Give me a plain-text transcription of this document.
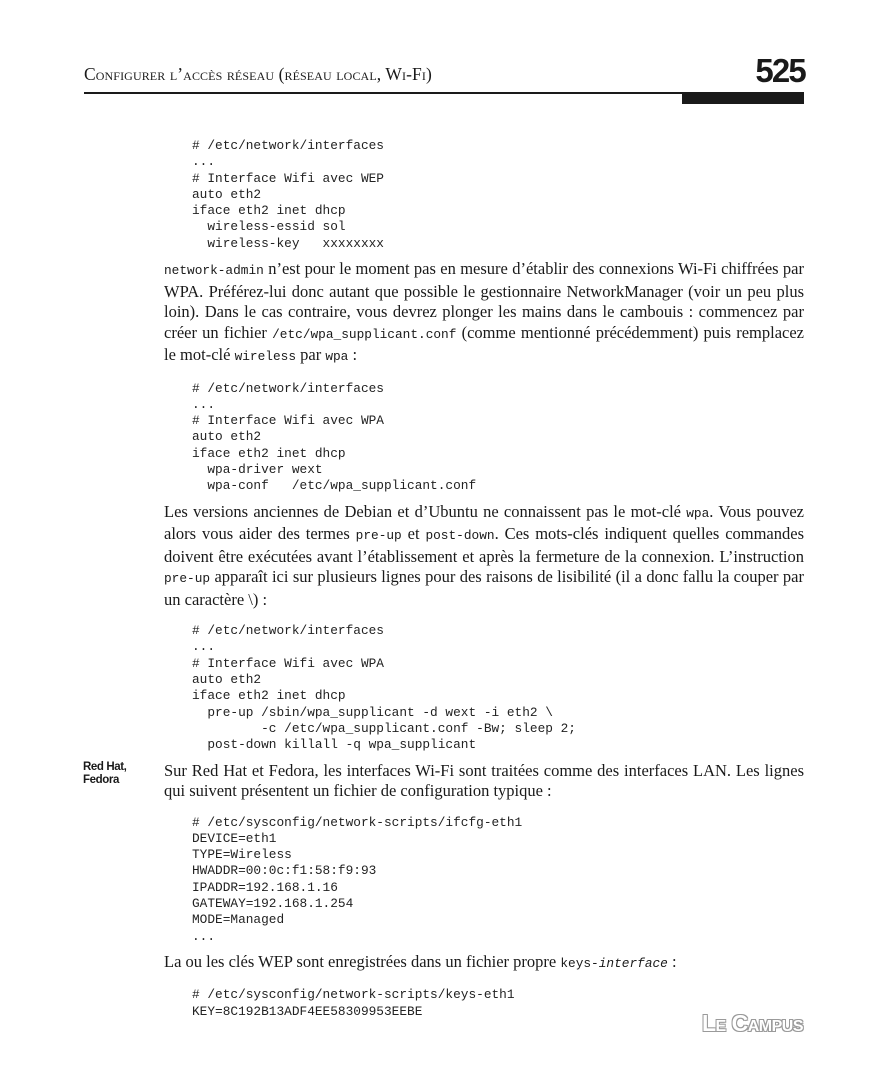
Configurer l’accès réseau (réseau local, Wi-Fi)	525
# /etc/network/interfaces
...
# Interface Wifi avec WEP
auto eth2
iface eth2 inet dhcp
wireless-essid sol
wireless-key   xxxxxxxx

network-admin n’est pour le moment pas en mesure d’établir des connexions Wi-Fi chiffrées par WPA. Préférez-lui donc autant que possible le gestionnaire NetworkManager (voir un peu plus loin). Dans le cas contraire, vous devrez plonger les mains dans le cambouis : commencez par créer un fichier /etc/wpa_supplicant.conf (comme mentionné précédemment) puis remplacez le mot-clé wireless par wpa :

# /etc/network/interfaces
...
# Interface Wifi avec WPA
auto eth2
iface eth2 inet dhcp
wpa-driver wext
wpa-conf   /etc/wpa_supplicant.conf

Les versions anciennes de Debian et d’Ubuntu ne connaissent pas le mot-clé wpa. Vous pouvez alors vous aider des termes pre-up et post-down. Ces mots-clés indiquent quelles commandes doivent être exécutées avant l’établissement et après la fermeture de la connexion. L’instruction pre-up apparaît ici sur plusieurs lignes pour des raisons de lisibilité (il a donc fallu la couper par un caractère \) :

# /etc/network/interfaces
...
# Interface Wifi avec WPA
auto eth2
iface eth2 inet dhcp
pre-up /sbin/wpa_supplicant -d wext -i eth2 \
-c /etc/wpa_supplicant.conf -Bw; sleep 2;
post-down killall -q wpa_supplicant
Red Hat,
Fedora	Sur Red Hat et Fedora, les interfaces Wi-Fi sont traitées comme des interfaces LAN. Les lignes qui suivent présentent un fichier de configuration typique :

# /etc/sysconfig/network-scripts/ifcfg-eth1
DEVICE=eth1
TYPE=Wireless
HWADDR=00:0c:f1:58:f9:93
IPADDR=192.168.1.16
GATEWAY=192.168.1.254
MODE=Managed
...

La ou les clés WEP sont enregistrées dans un fichier propre keys-interface :

# /etc/sysconfig/network-scripts/keys-eth1
KEY=8C192B13ADF4EE58309953EEBE	Le Campus
